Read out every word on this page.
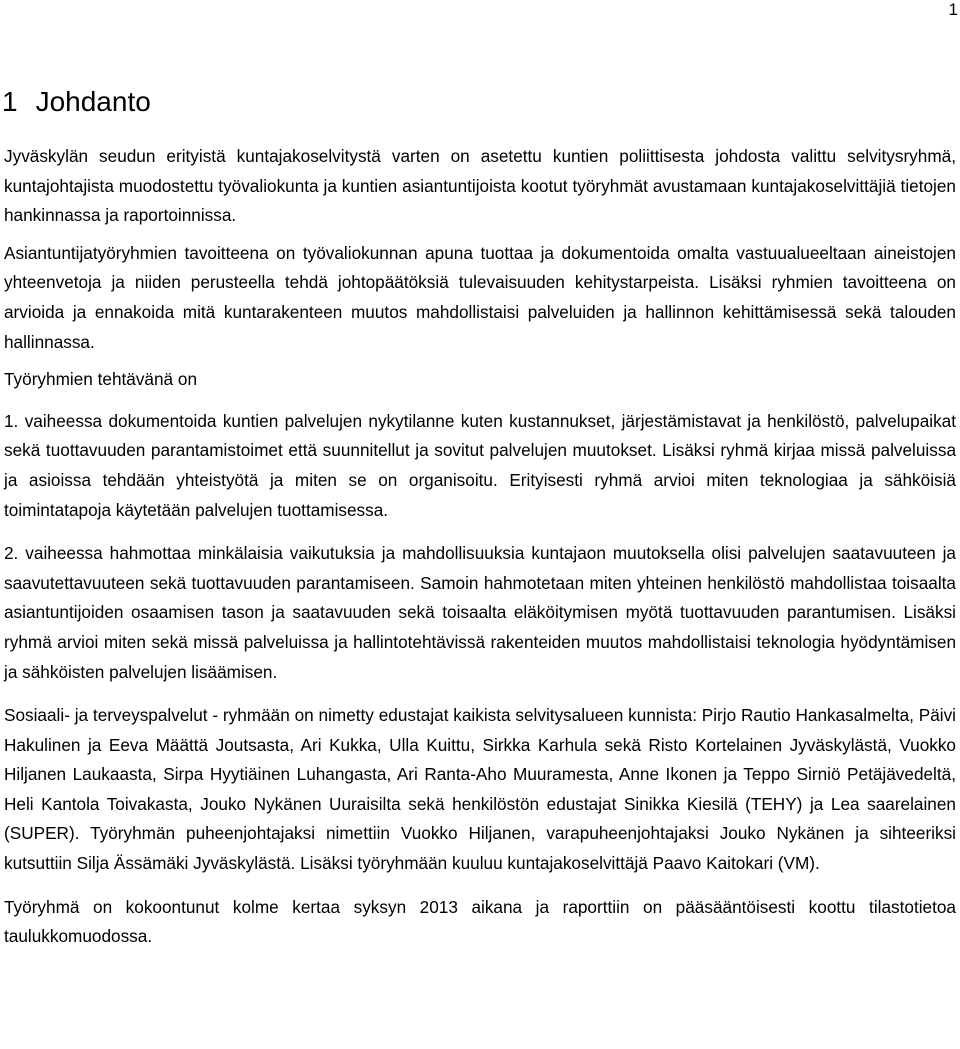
1
1 Johdanto

Jyväskylän seudun erityistä kuntajakoselvitystä varten on asetettu kuntien poliittisesta johdosta valittu selvitysryhmä, kuntajohtajista muodostettu työvaliokunta ja kuntien asiantuntijoista kootut työryhmät avustamaan kuntajakoselvittäjiä tietojen hankinnassa ja raportoinnissa.

Asiantuntijatyöryhmien tavoitteena on työvaliokunnan apuna tuottaa ja dokumentoida omalta vastuualueeltaan aineistojen yhteenvetoja ja niiden perusteella tehdä johtopäätöksiä tulevaisuuden kehitystarpeista. Lisäksi ryhmien tavoitteena on arvioida ja ennakoida mitä kuntarakenteen muutos mahdollistaisi palveluiden ja hallinnon kehittämisessä sekä talouden hallinnassa.

Työryhmien tehtävänä on

1. vaiheessa dokumentoida kuntien palvelujen nykytilanne kuten kustannukset, järjestämistavat ja henkilöstö, palvelupaikat sekä tuottavuuden parantamistoimet että suunnitellut ja sovitut palvelujen muutokset. Lisäksi ryhmä kirjaa missä palveluissa ja asioissa tehdään yhteistyötä ja miten se on organisoitu. Erityisesti ryhmä arvioi miten teknologiaa ja sähköisiä toimintatapoja käytetään palvelujen tuottamisessa.

2. vaiheessa hahmottaa minkälaisia vaikutuksia ja mahdollisuuksia kuntajaon muutoksella olisi palvelujen saatavuuteen ja saavutettavuuteen sekä tuottavuuden parantamiseen. Samoin hahmotetaan miten yhteinen henkilöstö mahdollistaa toisaalta asiantuntijoiden osaamisen tason ja saatavuuden sekä toisaalta eläköitymisen myötä tuottavuuden parantumisen. Lisäksi ryhmä arvioi miten sekä missä palveluissa ja hallintotehtävissä rakenteiden muutos mahdollistaisi teknologia hyödyntämisen ja sähköisten palvelujen lisäämisen.

Sosiaali- ja terveyspalvelut - ryhmään on nimetty edustajat kaikista selvitysalueen kunnista: Pirjo Rautio Hankasalmelta, Päivi Hakulinen ja Eeva Määttä Joutsasta, Ari Kukka, Ulla Kuittu, Sirkka Karhula sekä Risto Kortelainen Jyväskylästä, Vuokko Hiljanen Laukaasta, Sirpa Hyytiäinen Luhangasta, Ari Ranta-Aho Muuramesta, Anne Ikonen ja Teppo Sirniö Petäjävedeltä, Heli Kantola Toivakasta, Jouko Nykänen Uuraisilta sekä henkilöstön edustajat Sinikka Kiesilä (TEHY) ja Lea saarelainen (SUPER). Työryhmän puheenjohtajaksi nimettiin Vuokko Hiljanen, varapuheenjohtajaksi Jouko Nykänen ja sihteeriksi kutsuttiin Silja Ässämäki Jyväskylästä. Lisäksi työryhmään kuuluu kuntajakoselvittäjä Paavo Kaitokari (VM).

Työryhmä on kokoontunut kolme kertaa syksyn 2013 aikana ja raporttiin on pääsääntöisesti koottu tilastotietoa taulukkomuodossa.
